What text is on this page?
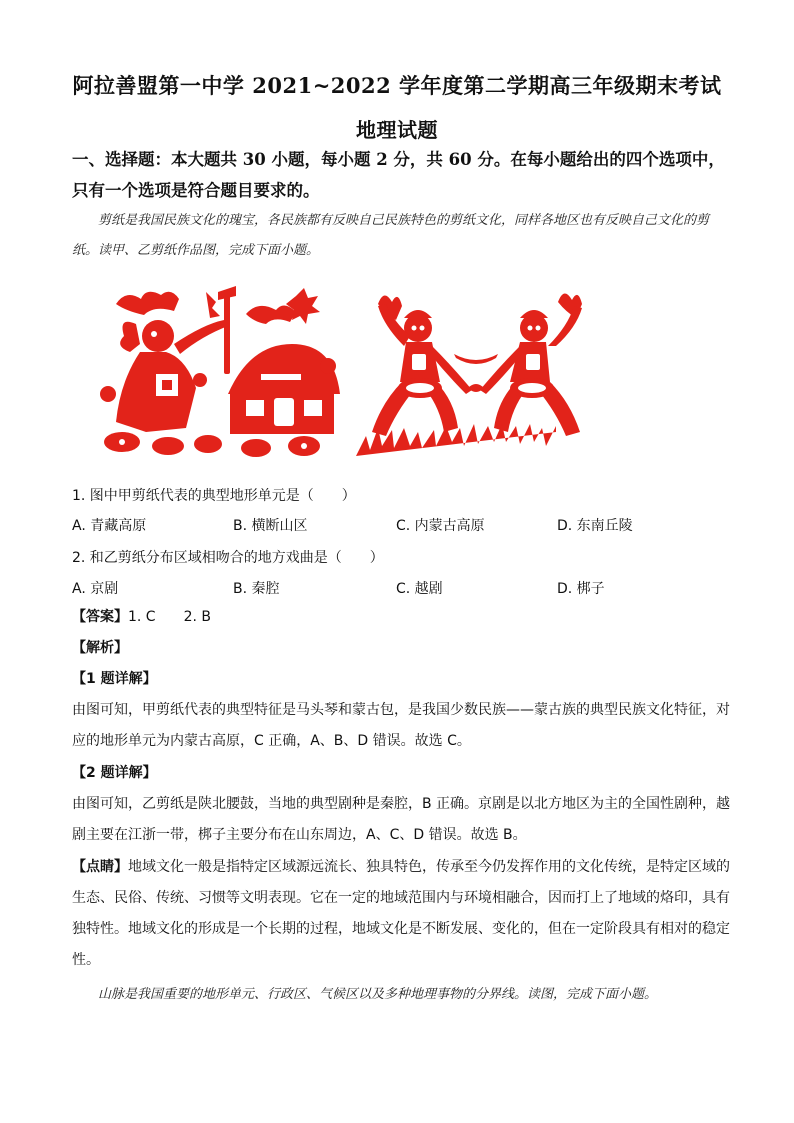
阿拉善盟第一中学 2021~2022 学年度第二学期高三年级期末考试
地理试题
一、选择题：本大题共 30 小题，每小题 2 分，共 60 分。在每小题给出的四个选项中，只有一个选项是符合题目要求的。
剪纸是我国民族文化的瑰宝，各民族都有反映自己民族特色的剪纸文化，同样各地区也有反映自己文化的剪纸。读甲、乙剪纸作品图，完成下面小题。
1. 图中甲剪纸代表的典型地形单元是（　　）
A. 青藏高原	B. 横断山区	C. 内蒙古高原	D. 东南丘陵
2. 和乙剪纸分布区域相吻合的地方戏曲是（　　）
A. 京剧	B. 秦腔	C. 越剧	D. 梆子
【答案】1. C　　2. B
【解析】
【1 题详解】
由图可知，甲剪纸代表的典型特征是马头琴和蒙古包，是我国少数民族——蒙古族的典型民族文化特征，对应的地形单元为内蒙古高原，C 正确，A、B、D 错误。故选 C。
【2 题详解】
由图可知，乙剪纸是陕北腰鼓，当地的典型剧种是秦腔，B 正确。京剧是以北方地区为主的全国性剧种，越剧主要在江浙一带，梆子主要分布在山东周边，A、C、D 错误。故选 B。
【点睛】地域文化一般是指特定区域源远流长、独具特色，传承至今仍发挥作用的文化传统，是特定区域的生态、民俗、传统、习惯等文明表现。它在一定的地域范围内与环境相融合，因而打上了地域的烙印，具有独特性。地域文化的形成是一个长期的过程，地域文化是不断发展、变化的，但在一定阶段具有相对的稳定性。
山脉是我国重要的地形单元、行政区、气候区以及多种地理事物的分界线。读图，完成下面小题。
